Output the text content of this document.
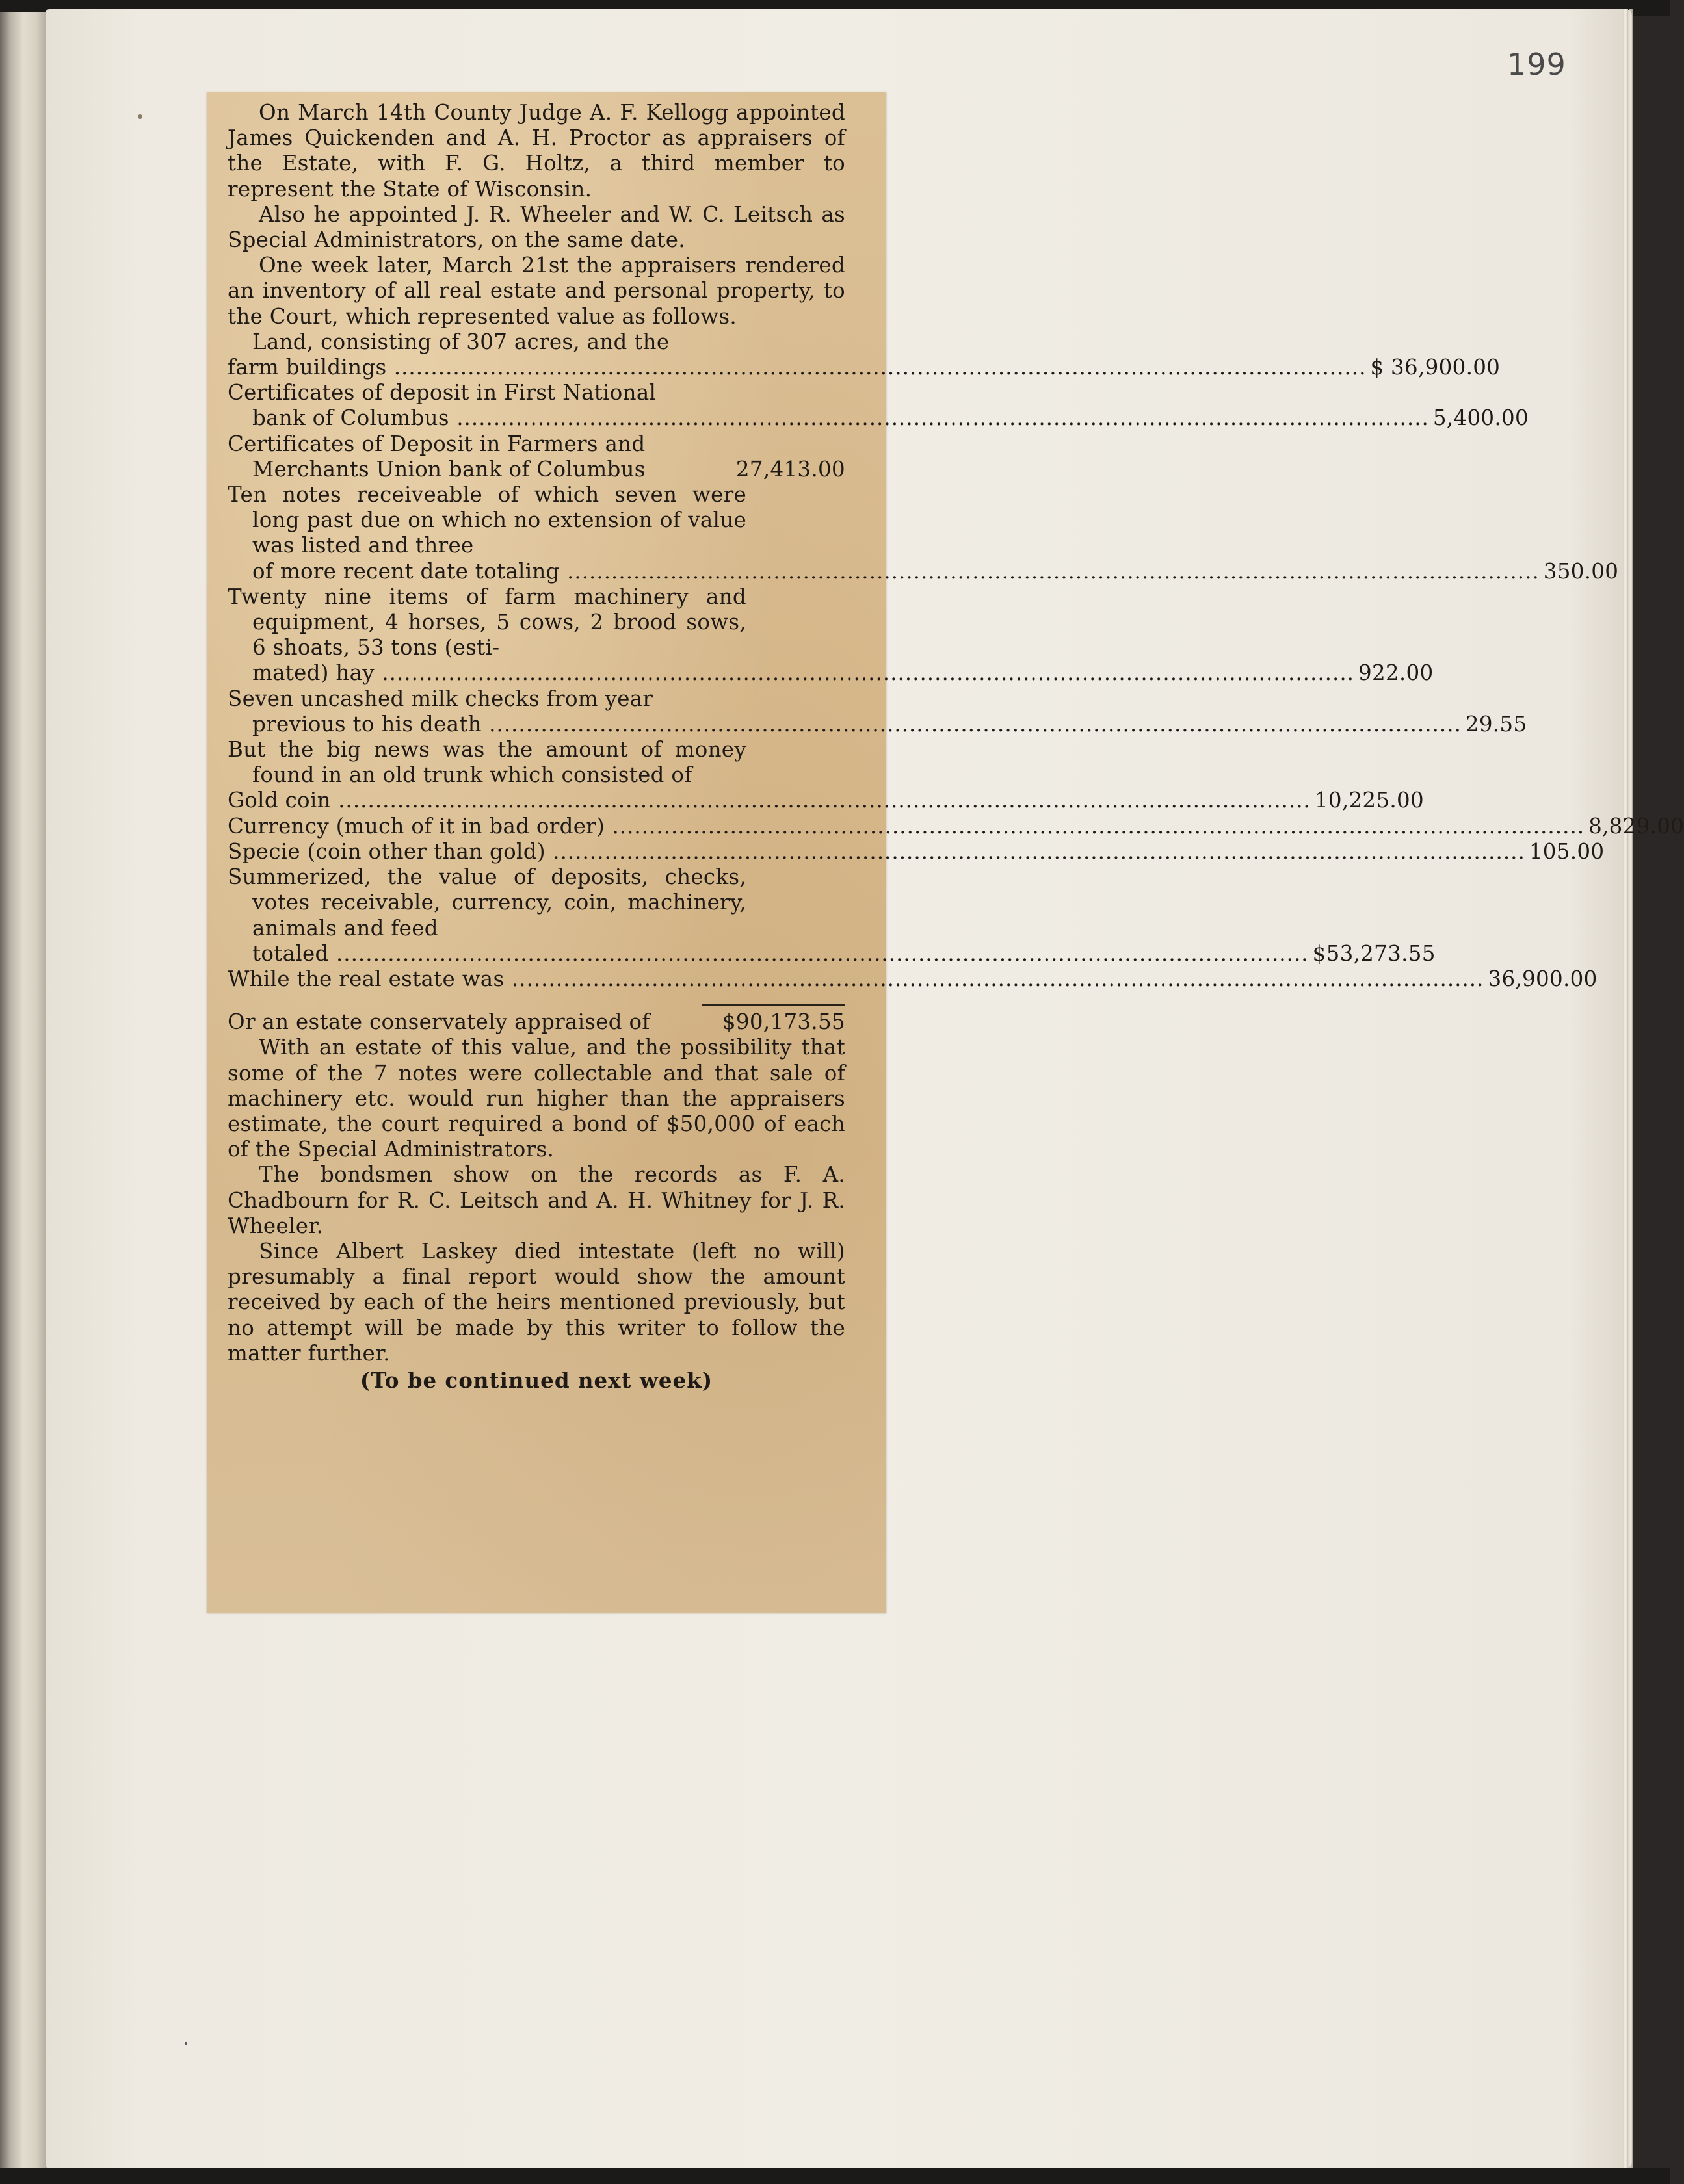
199

On March 14th County Judge A. F. Kellogg appointed James Quickenden and A. H. Proctor as appraisers of the Estate, with F. G. Holtz, a third member to represent the State of Wisconsin.

Also he appointed J. R. Wheeler and W. C. Leitsch as Special Administrators, on the same date.

One week later, March 21st the appraisers rendered an inventory of all real estate and personal property, to the Court, which represented value as follows.

Land, consisting of 307 acres, and the
farm buildings .................................................................................................................................... $ 36,900.00
Certificates of deposit in First National
bank of Columbus .................................................................................................................................... 5,400.00
Certificates of Deposit in Farmers and
Merchants Union bank of Columbus	27,413.00

Ten notes receiveable of which seven were long past due on which no extension of value was listed and three

of more recent date totaling .................................................................................................................................... 350.00

Twenty nine items of farm machinery and equipment, 4 horses, 5 cows, 2 brood sows, 6 shoats, 53 tons (esti-

mated) hay .................................................................................................................................... 922.00
Seven uncashed milk checks from year
previous to his death .................................................................................................................................... 29.55

But the big news was the amount of money found in an old trunk which consisted of

Gold coin .................................................................................................................................... 10,225.00
Currency (much of it in bad order) .................................................................................................................................... 8,829.00
Specie (coin other than gold) .................................................................................................................................... 105.00

Summerized, the value of deposits, checks, votes receivable, currency, coin, machinery, animals and feed

totaled .................................................................................................................................... $53,273.55
While the real estate was .................................................................................................................................... 36,900.00
Or an estate conservately appraised of	$90,173.55

With an estate of this value, and the possibility that some of the 7 notes were collectable and that sale of machinery etc. would run higher than the appraisers estimate, the court required a bond of $50,000 of each of the Special Administrators.

The bondsmen show on the records as F. A. Chadbourn for R. C. Leitsch and A. H. Whitney for J. R. Wheeler.

Since Albert Laskey died intestate (left no will) presumably a final report would show the amount received by each of the heirs mentioned previously, but no attempt will be made by this writer to follow the matter further.

(To be continued next week)
